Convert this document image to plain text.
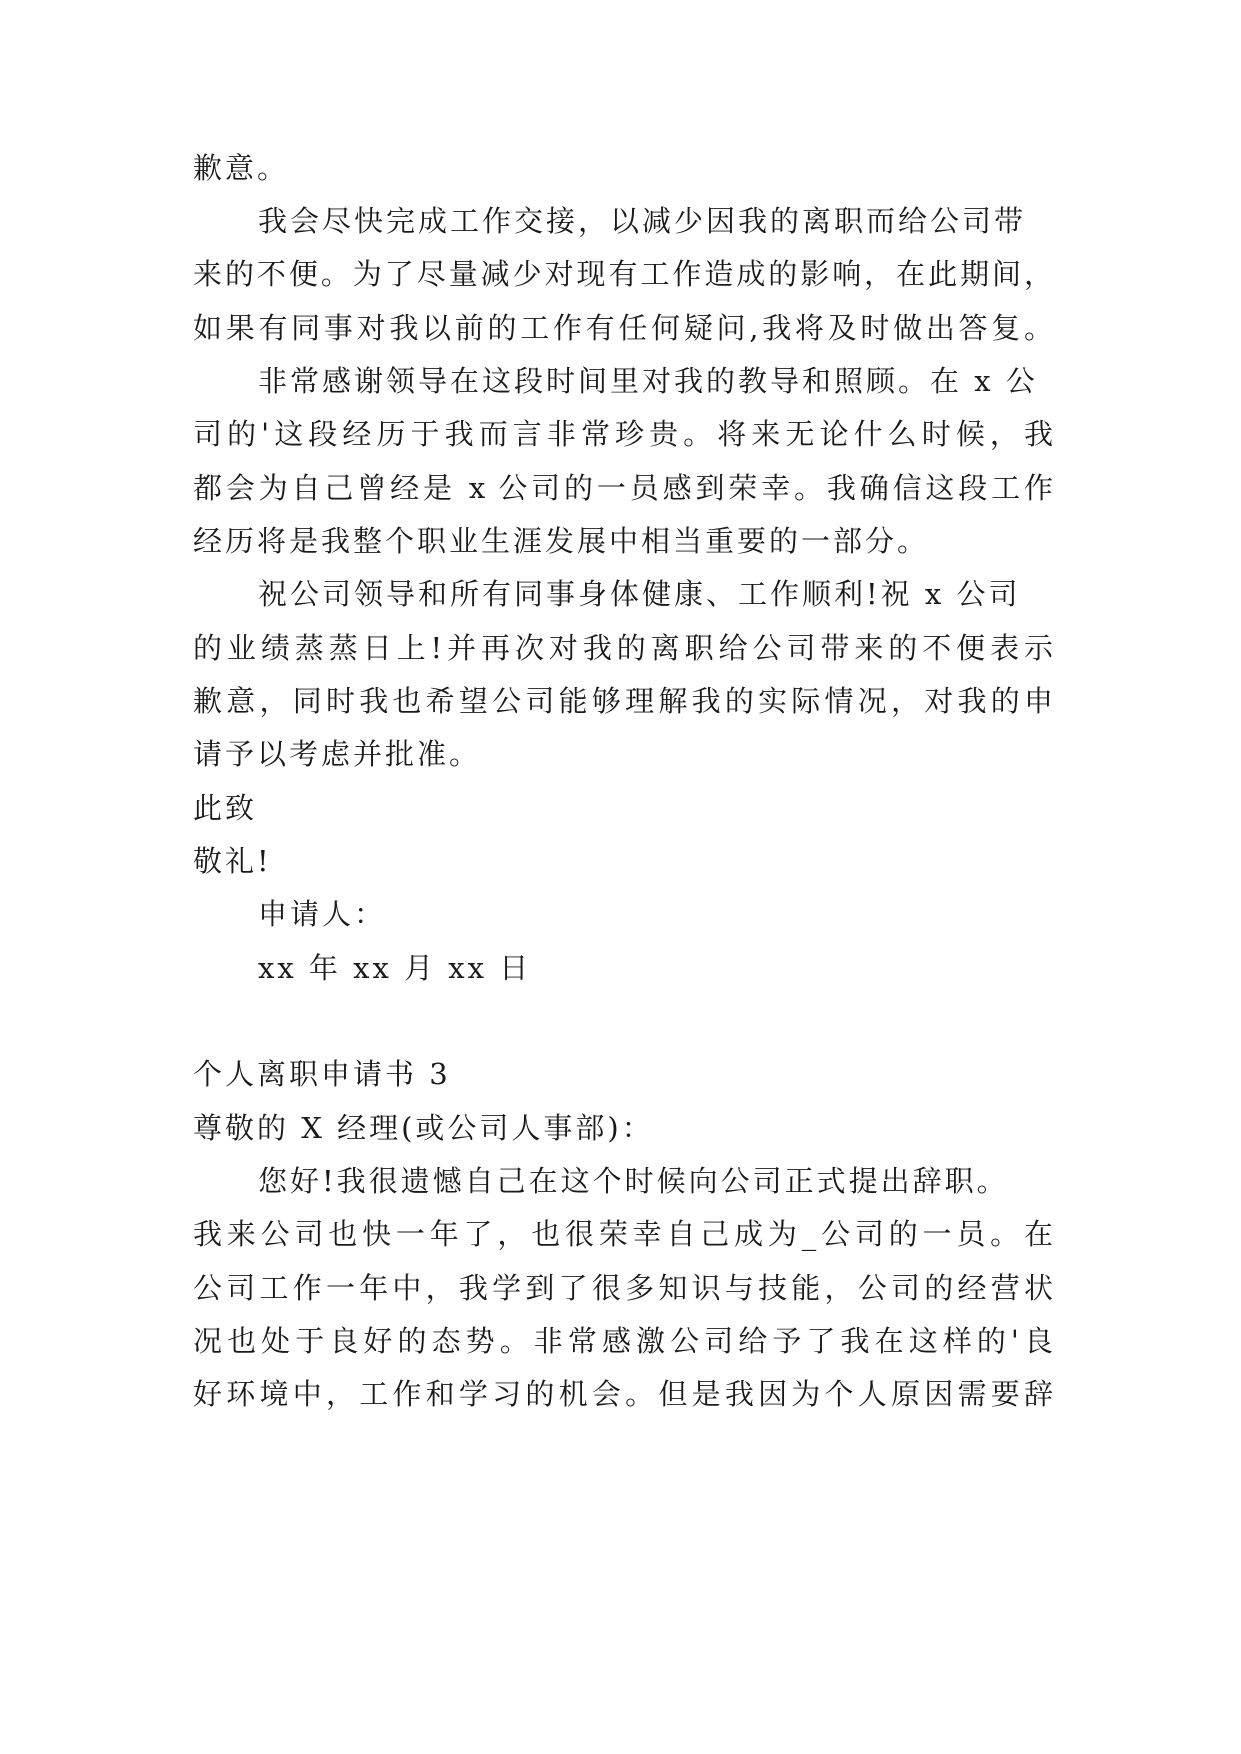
歉意。
我会尽快完成工作交接，以减少因我的离职而给公司带
来的不便。为了尽量减少对现有工作造成的影响，在此期间，
如果有同事对我以前的工作有任何疑问,我将及时做出答复。
非常感谢领导在这段时间里对我的教导和照顾。在 x 公
司的'这段经历于我而言非常珍贵。将来无论什么时候，我
都会为自己曾经是 x 公司的一员感到荣幸。我确信这段工作
经历将是我整个职业生涯发展中相当重要的一部分。
祝公司领导和所有同事身体健康、工作顺利!祝 x 公司
的业绩蒸蒸日上!并再次对我的离职给公司带来的不便表示
歉意，同时我也希望公司能够理解我的实际情况，对我的申
请予以考虑并批准。
此致
敬礼!
申请人：
xx 年 xx 月 xx 日
个人离职申请书 3
尊敬的 X 经理(或公司人事部)：
您好!我很遗憾自己在这个时候向公司正式提出辞职。
我来公司也快一年了，也很荣幸自己成为_公司的一员。在
公司工作一年中，我学到了很多知识与技能，公司的经营状
况也处于良好的态势。非常感激公司给予了我在这样的'良
好环境中，工作和学习的机会。但是我因为个人原因需要辞
